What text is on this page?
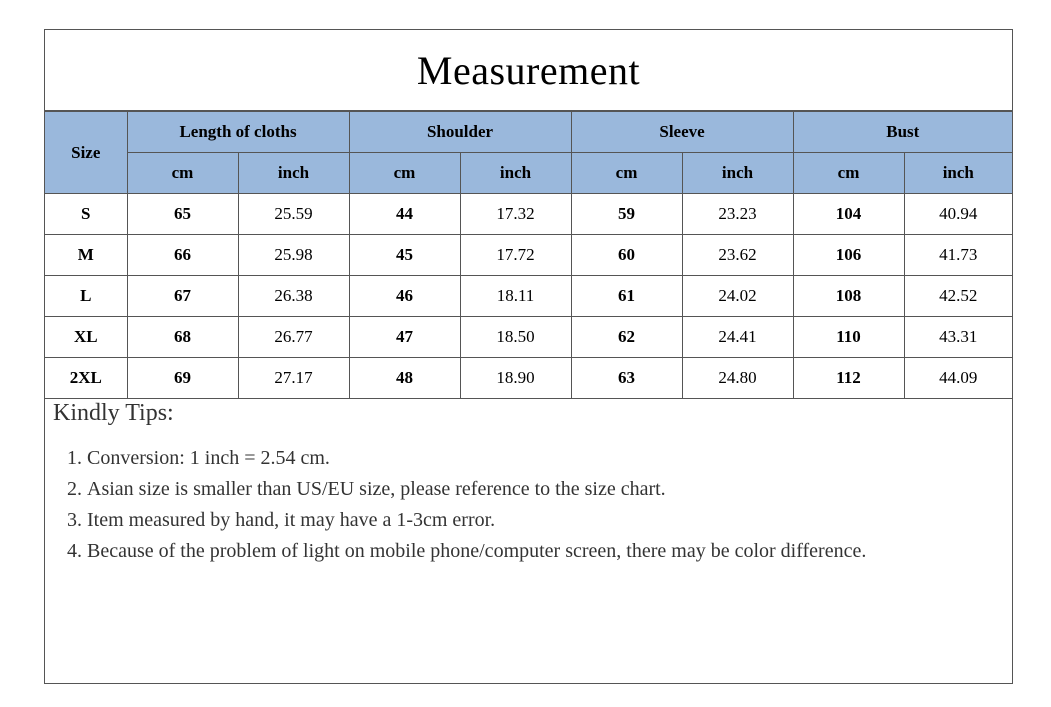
Measurement
Size	Length of cloths		Shoulder		Sleeve		Bust	
	cm	inch	cm	inch	cm	inch	cm	inch
S	65	25.59	44	17.32	59	23.23	104	40.94
M	66	25.98	45	17.72	60	23.62	106	41.73
L	67	26.38	46	18.11	61	24.02	108	42.52
XL	68	26.77	47	18.50	62	24.41	110	43.31
2XL	69	27.17	48	18.90	63	24.80	112	44.09
Kindly Tips:
1. Conversion: 1 inch = 2.54 cm.
2. Asian size is smaller than US/EU size, please reference to the size chart.
3. Item measured by hand, it may have a 1-3cm error.
4. Because of the problem of light on mobile phone/computer screen, there may be color difference.
